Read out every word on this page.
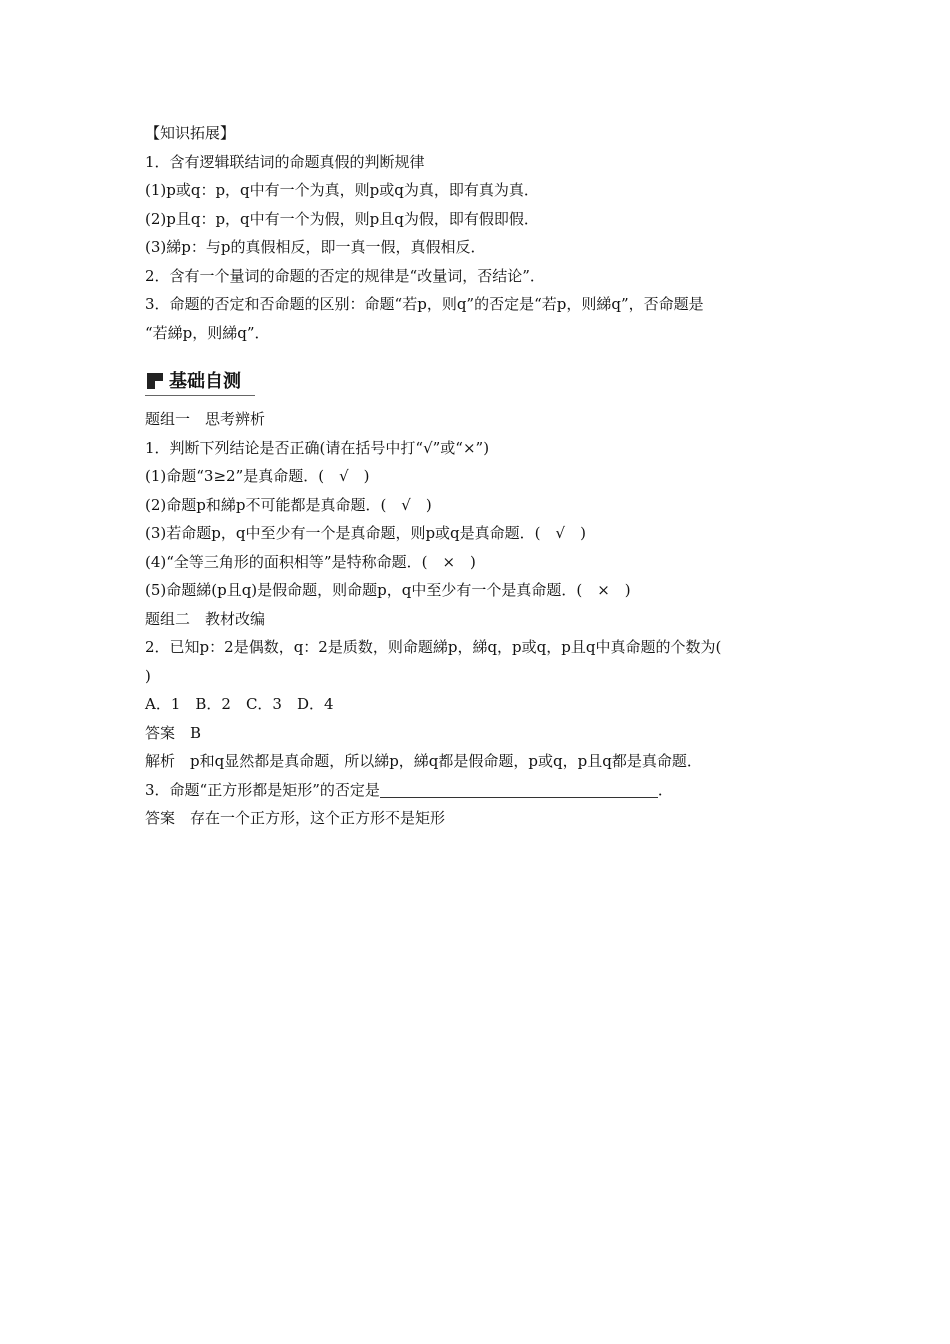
【知识拓展】
1．含有逻辑联结词的命题真假的判断规律
(1)p或q：p，q中有一个为真，则p或q为真，即有真为真．
(2)p且q：p，q中有一个为假，则p且q为假，即有假即假．
(3)綈p：与p的真假相反，即一真一假，真假相反．
2．含有一个量词的命题的否定的规律是“改量词，否结论”．
3．命题的否定和否命题的区别：命题“若p，则q”的否定是“若p，则綈q”，否命题是
“若綈p，则綈q”．
基础自测
题组一　思考辨析
1．判断下列结论是否正确(请在括号中打“√”或“×”)
(1)命题“3≥2”是真命题．(　√　)
(2)命题p和綈p不可能都是真命题．(　√　)
(3)若命题p，q中至少有一个是真命题，则p或q是真命题．(　√　)
(4)“全等三角形的面积相等”是特称命题．(　×　)
(5)命题綈(p且q)是假命题，则命题p，q中至少有一个是真命题．(　×　)
题组二　教材改编
2．已知p：2是偶数，q：2是质数，则命题綈p，綈q，p或q，p且q中真命题的个数为(
)
A．1　B．2　C．3　D．4
答案　B
解析　p和q显然都是真命题，所以綈p，綈q都是假命题，p或q，p且q都是真命题．
3．命题“正方形都是矩形”的否定是	．
答案　存在一个正方形，这个正方形不是矩形
